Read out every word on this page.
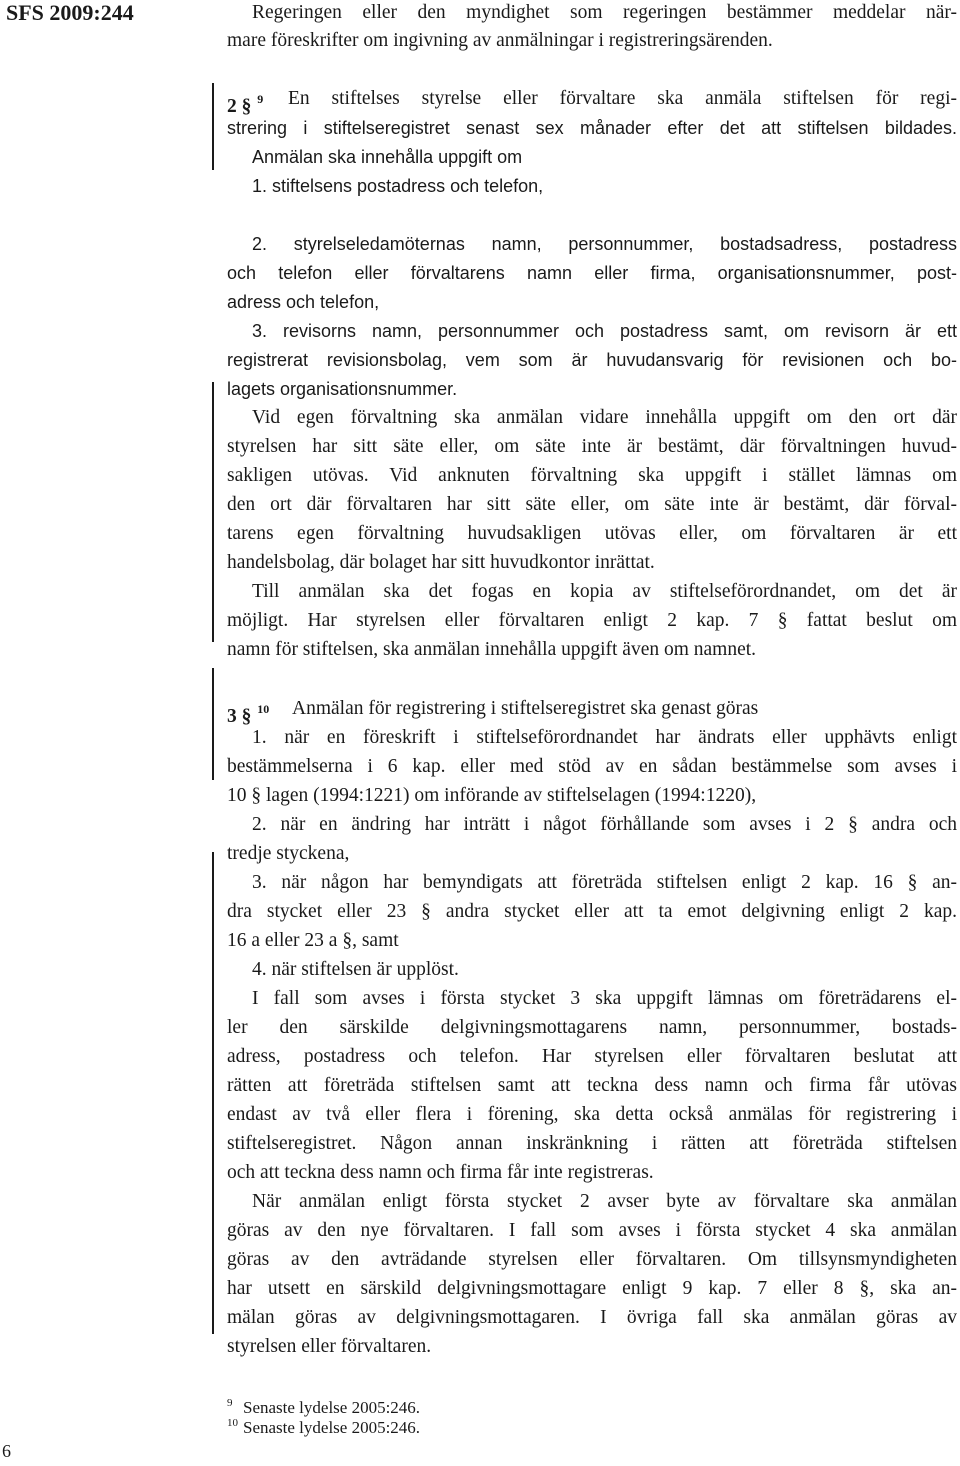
SFS 2009:244	Regeringen eller den myndighet som regeringen bestämmer meddelar när-
mare föreskrifter om ingivning av anmälningar i registreringsärenden.
2 § $^9$	En stiftelses styrelse eller förvaltare ska anmäla stiftelsen för regi-
strering i stiftelseregistret senast sex månader efter det att stiftelsen bildades.
Anmälan ska innehålla uppgift om
1. stiftelsens postadress och telefon,
2. styrelseledamöternas namn, personnummer, bostadsadress, postadress
och telefon eller förvaltarens namn eller firma, organisationsnummer, post-
adress och telefon,
3. revisorns namn, personnummer och postadress samt, om revisorn är ett
registrerat revisionsbolag, vem som är huvudansvarig för revisionen och bo-
lagets organisationsnummer.
Vid egen förvaltning ska anmälan vidare innehålla uppgift om den ort där
styrelsen har sitt säte eller, om säte inte är bestämt, där förvaltningen huvud-
sakligen utövas. Vid anknuten förvaltning ska uppgift i stället lämnas om
den ort där förvaltaren har sitt säte eller, om säte inte är bestämt, där förval-
tarens egen förvaltning huvudsakligen utövas eller, om förvaltaren är ett
handelsbolag, där bolaget har sitt huvudkontor inrättat.
Till anmälan ska det fogas en kopia av stiftelseförordnandet, om det är
möjligt. Har styrelsen eller förvaltaren enligt 2 kap. 7 § fattat beslut om
namn för stiftelsen, ska anmälan innehålla uppgift även om namnet.
3 § $^{10}$	Anmälan för registrering i stiftelseregistret ska genast göras
1. när en föreskrift i stiftelseförordnandet har ändrats eller upphävts enligt
bestämmelserna i 6 kap. eller med stöd av en sådan bestämmelse som avses i
10 § lagen (1994:1221) om införande av stiftelselagen (1994:1220),
2. när en ändring har inträtt i något förhållande som avses i 2 § andra och
tredje styckena,
3. när någon har bemyndigats att företräda stiftelsen enligt 2 kap. 16 § an-
dra stycket eller 23 § andra stycket eller att ta emot delgivning enligt 2 kap.
16 a eller 23 a §, samt
4. när stiftelsen är upplöst.
I fall som avses i första stycket 3 ska uppgift lämnas om företrädarens el-
ler den särskilde delgivningsmottagarens namn, personnummer, bostads-
adress, postadress och telefon. Har styrelsen eller förvaltaren beslutat att
rätten att företräda stiftelsen samt att teckna dess namn och firma får utövas
endast av två eller flera i förening, ska detta också anmälas för registrering i
stiftelseregistret. Någon annan inskränkning i rätten att företräda stiftelsen
och att teckna dess namn och firma får inte registreras.
När anmälan enligt första stycket 2 avser byte av förvaltare ska anmälan
göras av den nye förvaltaren. I fall som avses i första stycket 4 ska anmälan
göras av den avträdande styrelsen eller förvaltaren. Om tillsynsmyndigheten
har utsett en särskild delgivningsmottagare enligt 9 kap. 7 eller 8 §, ska an-
mälan göras av delgivningsmottagaren. I övriga fall ska anmälan göras av
styrelsen eller förvaltaren.
9 Senaste lydelse 2005:246.
10 Senaste lydelse 2005:246.
6
